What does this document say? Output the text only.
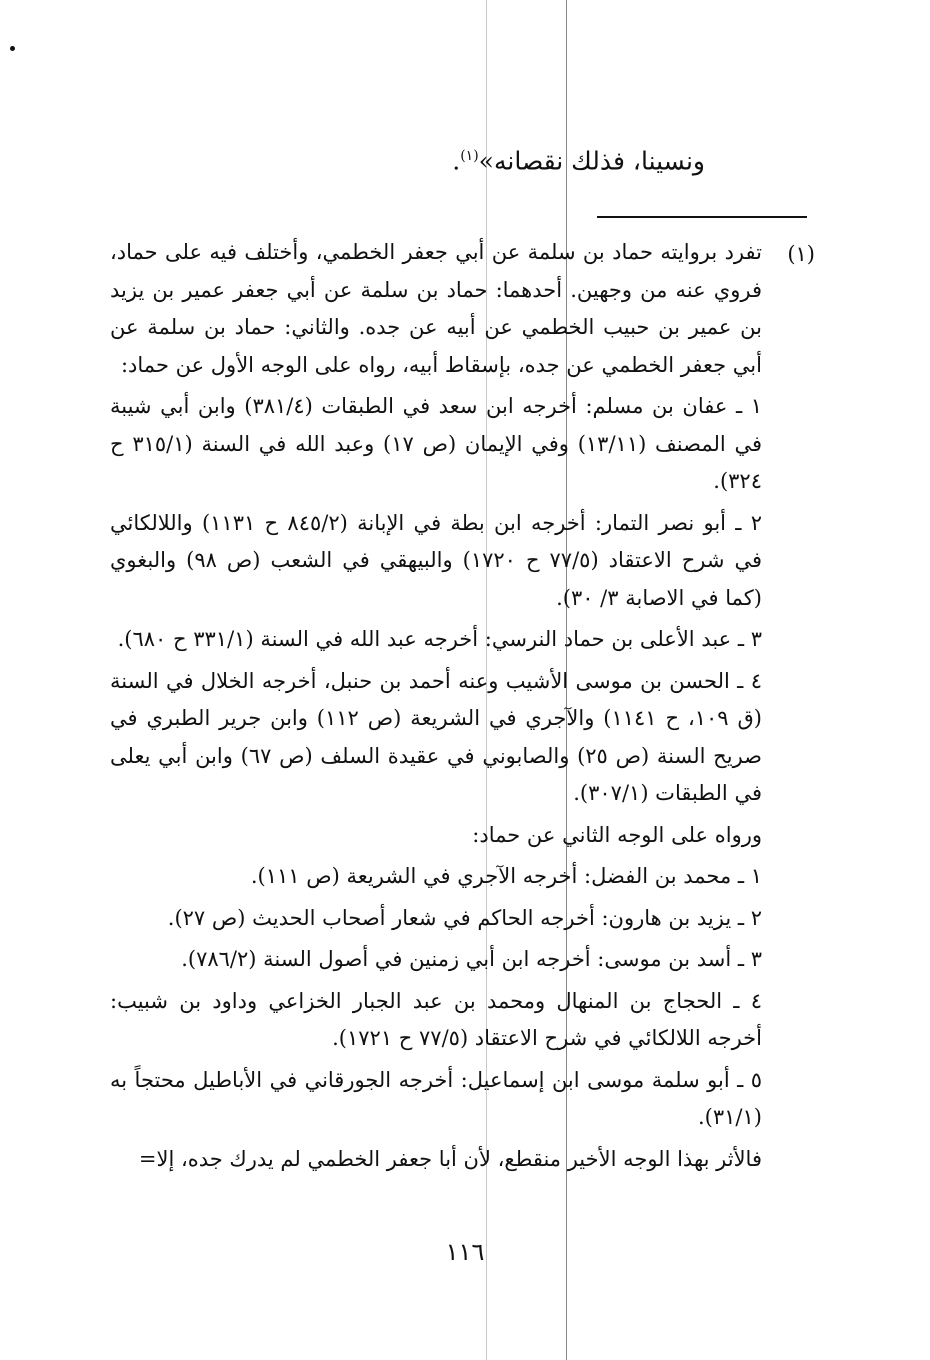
ونسينا، فذلك نقصانه»$^{(١)}$.
(١)

تفرد بروايته حماد بن سلمة عن أبي جعفر الخطمي، وأختلف فيه على حماد، فروي عنه من وجهين. أحدهما: حماد بن سلمة عن أبي جعفر عمير بن يزيد بن عمير بن حبيب الخطمي عن أبيه عن جده. والثاني: حماد بن سلمة عن أبي جعفر الخطمي عن جده، بإسقاط أبيه، رواه على الوجه الأول عن حماد:

١ ـ عفان بن مسلم: أخرجه ابن سعد في الطبقات (٣٨١/٤) وابن أبي شيبة في المصنف (١٣/١١) وفي الإيمان (ص ١٧) وعبد الله في السنة (٣١٥/١ ح ٣٢٤).

٢ ـ أبو نصر التمار: أخرجه ابن بطة في الإبانة (٨٤٥/٢ ح ١١٣١) واللالكائي في شرح الاعتقاد (٧٧/٥ ح ١٧٢٠) والبيهقي في الشعب (ص ٩٨) والبغوي (كما في الاصابة ٣/ ٣٠).

٣ ـ عبد الأعلى بن حماد النرسي: أخرجه عبد الله في السنة (٣٣١/١ ح ٦٨٠).

٤ ـ الحسن بن موسى الأشيب وعنه أحمد بن حنبل، أخرجه الخلال في السنة (ق ١٠٩، ح ١١٤١) والآجري في الشريعة (ص ١١٢) وابن جرير الطبري في صريح السنة (ص ٢٥) والصابوني في عقيدة السلف (ص ٦٧) وابن أبي يعلى في الطبقات (٣٠٧/١).

ورواه على الوجه الثاني عن حماد:

١ ـ محمد بن الفضل: أخرجه الآجري في الشريعة (ص ١١١).

٢ ـ يزيد بن هارون: أخرجه الحاكم في شعار أصحاب الحديث (ص ٢٧).

٣ ـ أسد بن موسى: أخرجه ابن أبي زمنين في أصول السنة (٧٨٦/٢).

٤ ـ الحجاج بن المنهال ومحمد بن عبد الجبار الخزاعي وداود بن شبيب: أخرجه اللالكائي في شرح الاعتقاد (٧٧/٥ ح ١٧٢١).

٥ ـ أبو سلمة موسى ابن إسماعيل: أخرجه الجورقاني في الأباطيل محتجاً به (٣١/١).

فالأثر بهذا الوجه الأخير منقطع، لأن أبا جعفر الخطمي لم يدرك جده، إلا=

١١٦
